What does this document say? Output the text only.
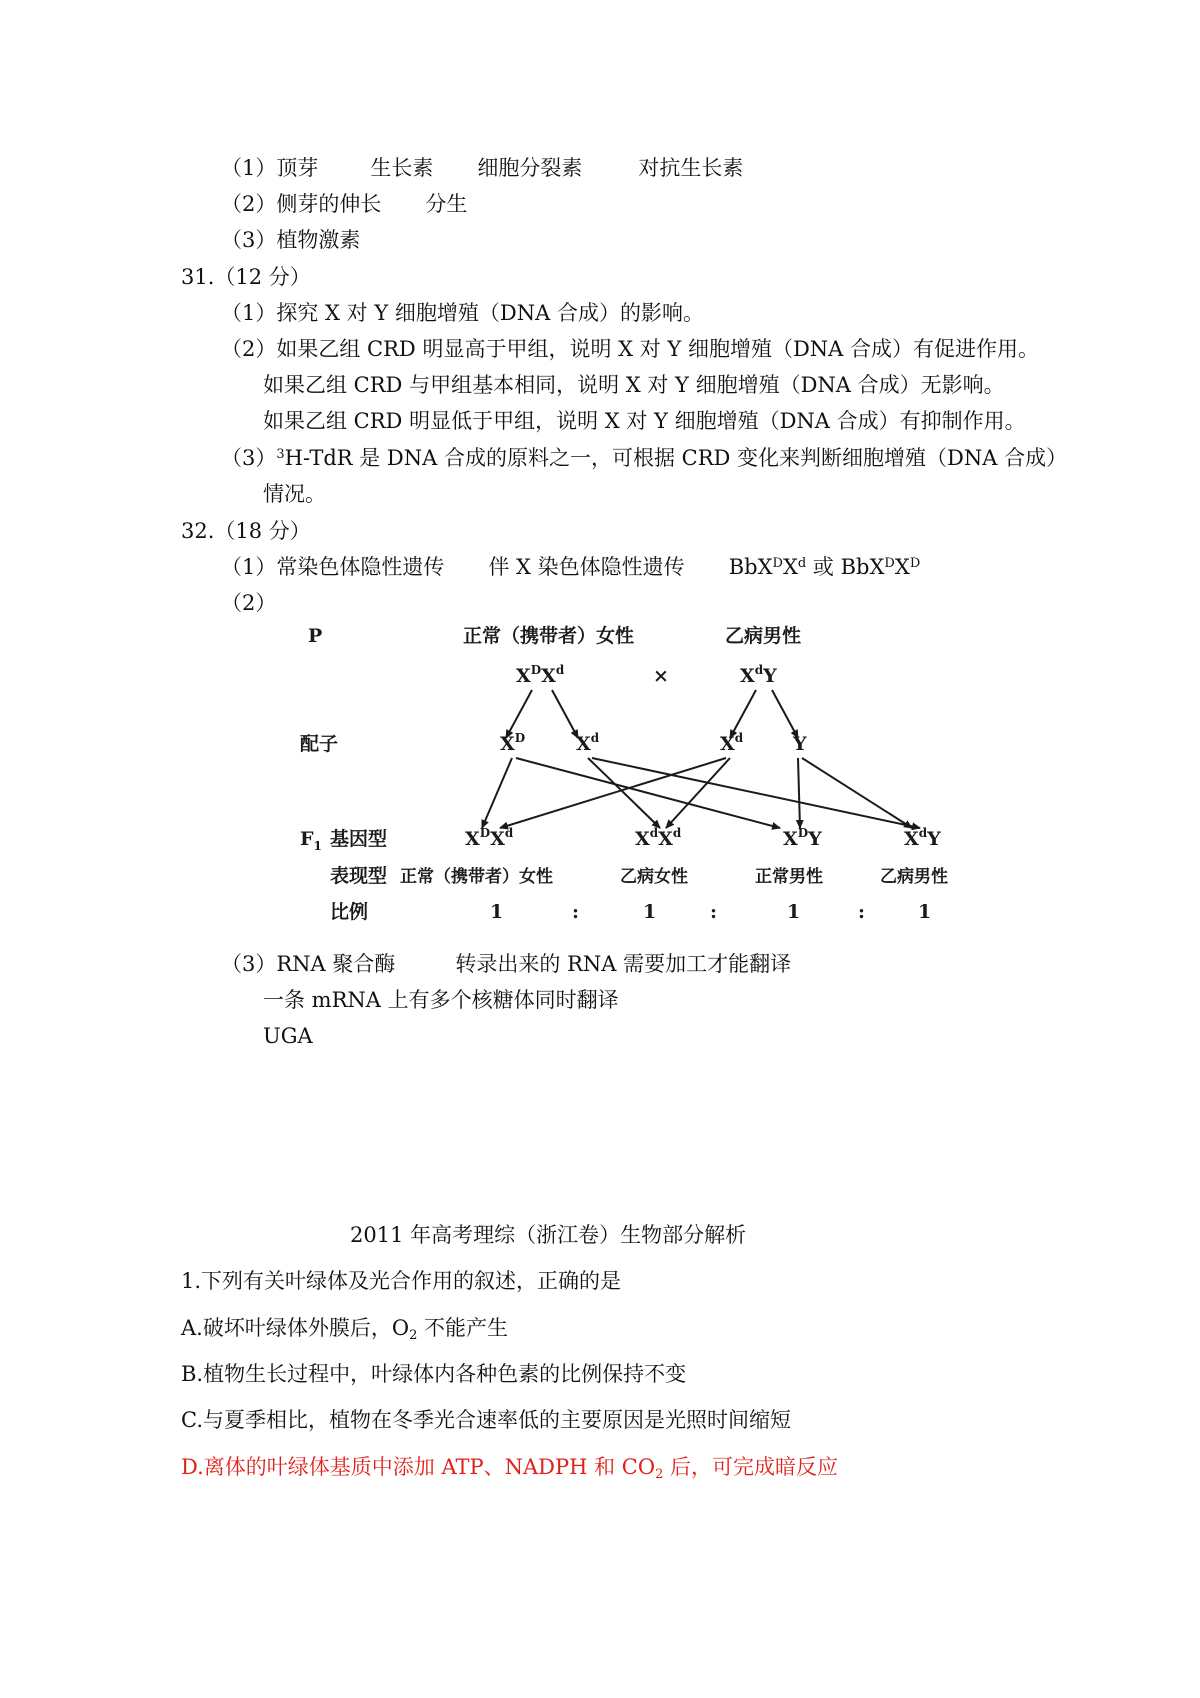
（1）顶芽 生长素 细胞分裂素	对抗生长素
（2）侧芽的伸长 分生
（3）植物激素
31.（12 分）
（1）探究 X 对 Y 细胞增殖（DNA 合成）的影响。
（2）如果乙组 CRD 明显高于甲组，说明 X 对 Y 细胞增殖（DNA 合成）有促进作用。
如果乙组 CRD 与甲组基本相同，说明 X 对 Y 细胞增殖（DNA 合成）无影响。
如果乙组 CRD 明显低于甲组，说明 X 对 Y 细胞增殖（DNA 合成）有抑制作用。
$(3)^3H$-TdR 是 DNA 合成的原料之一，可根据 CRD 变化来判断细胞增殖（DNA 合成）
情况。
32.（18 分）
（1）常染色体隐性遗传 伴 X 染色体隐性遗传 $BbX^DX^d$ 或 $BbX^DX^D$
（2）
P	正常（携带者）女性	乙病男性
$X^DX^d$	×	$X^dY$
配子	$X^D$	$X^d$	$X^d$	Y
$F_1$ 基因型	$X^DX^d$	$X^dX^d$	$X^DY$	$X^dY$
表现型 正常（携带者）女性	乙病女性	正常男性	乙病男性
比例	1	:	1	:	1	:	1
（3）RNA 聚合酶	转录出来的 RNA 需要加工才能翻译
一条 mRNA 上有多个核糖体同时翻译
UGA
2011 年高考理综（浙江卷）生物部分解析
1.下列有关叶绿体及光合作用的叙述，正确的是
A.破坏叶绿体外膜后，$O_2$ 不能产生
B.植物生长过程中，叶绿体内各种色素的比例保持不变
C.与夏季相比，植物在冬季光合速率低的主要原因是光照时间缩短
D.离体的叶绿体基质中添加 ATP、NADPH 和 $CO_2$ 后，可完成暗反应
